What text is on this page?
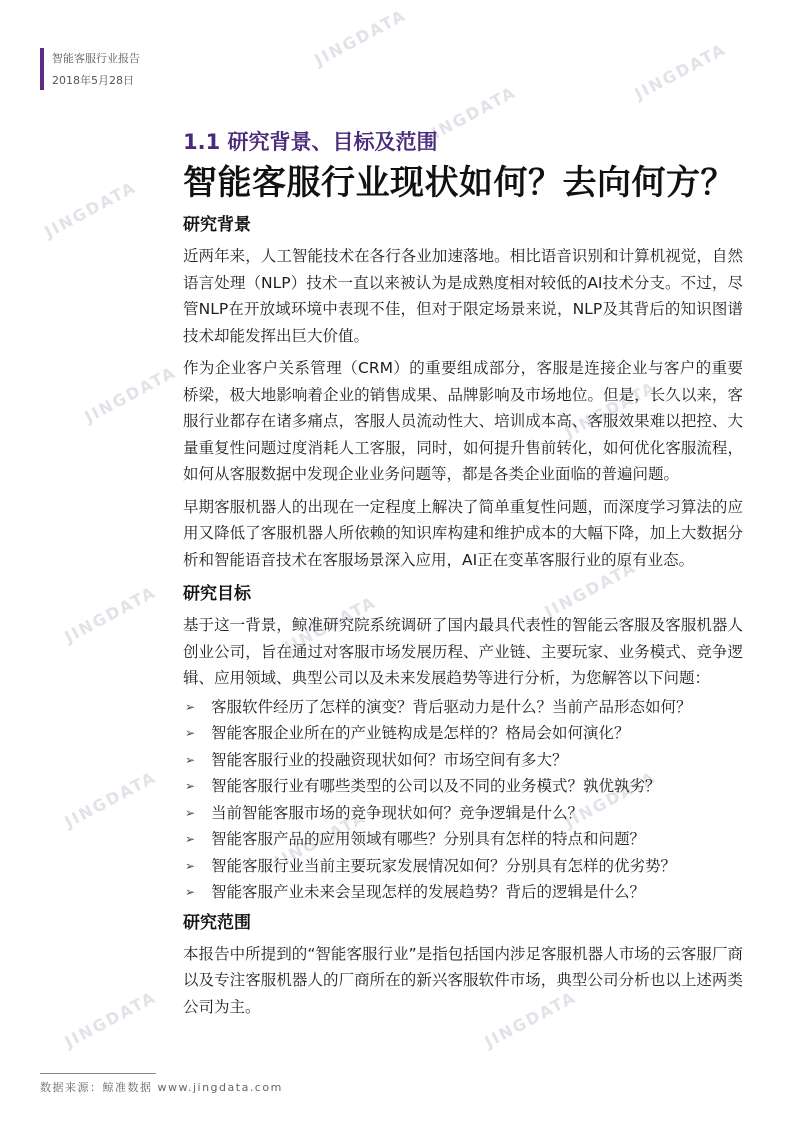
智能客服行业报告
2018年5月28日
JINGDATA
JINGDATA
JINGDATA
JINGDATA
JINGDATA	JINGDATA
JINGDATA	JINGDATA
JINGDATA
JINGDATA
JINGDATA
JINGDATA
JINGDATA	JINGDATA
1.1 研究背景、目标及范围
智能客服行业现状如何？去向何方？
研究背景

近两年来，人工智能技术在各行各业加速落地。相比语音识别和计算机视觉，自然语言处理（NLP）技术一直以来被认为是成熟度相对较低的AI技术分支。不过，尽管NLP在开放域环境中表现不佳，但对于限定场景来说，NLP及其背后的知识图谱技术却能发挥出巨大价值。

作为企业客户关系管理（CRM）的重要组成部分，客服是连接企业与客户的重要桥梁，极大地影响着企业的销售成果、品牌影响及市场地位。但是，长久以来，客服行业都存在诸多痛点，客服人员流动性大、培训成本高、客服效果难以把控、大量重复性问题过度消耗人工客服，同时，如何提升售前转化，如何优化客服流程，如何从客服数据中发现企业业务问题等，都是各类企业面临的普遍问题。

早期客服机器人的出现在一定程度上解决了简单重复性问题，而深度学习算法的应用又降低了客服机器人所依赖的知识库构建和维护成本的大幅下降，加上大数据分析和智能语音技术在客服场景深入应用，AI正在变革客服行业的原有业态。

研究目标

基于这一背景，鲸准研究院系统调研了国内最具代表性的智能云客服及客服机器人创业公司，旨在通过对客服市场发展历程、产业链、主要玩家、业务模式、竞争逻辑、应用领域、典型公司以及未来发展趋势等进行分析，为您解答以下问题：

➢ 客服软件经历了怎样的演变？背后驱动力是什么？当前产品形态如何？
➢ 智能客服企业所在的产业链构成是怎样的？格局会如何演化？
➢ 智能客服行业的投融资现状如何？市场空间有多大？
➢ 智能客服行业有哪些类型的公司以及不同的业务模式？孰优孰劣？
➢ 当前智能客服市场的竞争现状如何？竞争逻辑是什么？
➢ 智能客服产品的应用领域有哪些？分别具有怎样的特点和问题？
➢ 智能客服行业当前主要玩家发展情况如何？分别具有怎样的优劣势？
➢ 智能客服产业未来会呈现怎样的发展趋势？背后的逻辑是什么？
研究范围

本报告中所提到的“智能客服行业”是指包括国内涉足客服机器人市场的云客服厂商以及专注客服机器人的厂商所在的新兴客服软件市场，典型公司分析也以上述两类公司为主。

数据来源：鲸准数据 www.jingdata.com
